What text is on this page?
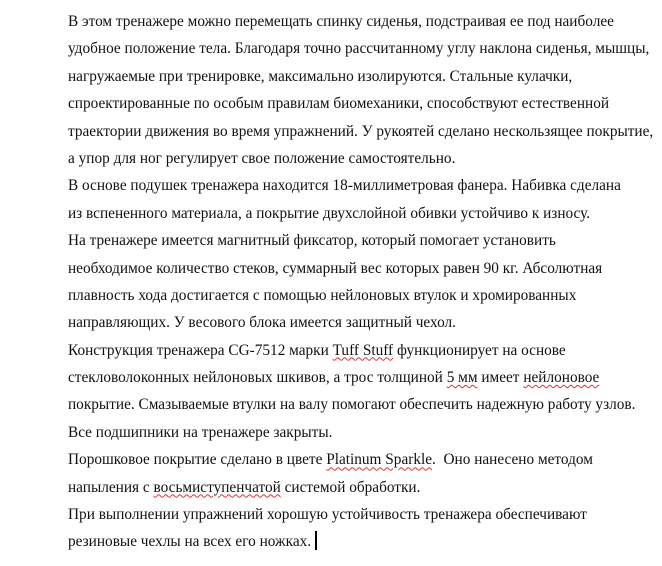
В этом тренажере можно перемещать спинку сиденья, подстраивая ее под наиболее
удобное положение тела. Благодаря точно рассчитанному углу наклона сиденья, мышцы,
нагружаемые при тренировке, максимально изолируются. Стальные кулачки,
спроектированные по особым правилам биомеханики, способствуют естественной
траектории движения во время упражнений. У рукоятей сделано нескользящее покрытие,
а упор для ног регулирует свое положение самостоятельно.

В основе подушек тренажера находится 18-миллиметровая фанера. Набивка сделана
из вспененного материала, а покрытие двухслойной обивки устойчиво к износу.

На тренажере имеется магнитный фиксатор, который помогает установить
необходимое количество стеков, суммарный вес которых равен 90 кг. Абсолютная
плавность хода достигается с помощью нейлоновых втулок и хромированных
направляющих. У весового блока имеется защитный чехол.

Конструкция тренажера CG-7512 марки Tuff Stuff функционирует на основе
стекловолоконных нейлоновых шкивов, а трос толщиной 5 мм имеет нейлоновое
покрытие. Смазываемые втулки на валу помогают обеспечить надежную работу узлов.
Все подшипники на тренажере закрыты.

Порошковое покрытие сделано в цвете Platinum Sparkle.  Оно нанесено методом
напыления с восьмиступенчатой системой обработки.

При выполнении упражнений хорошую устойчивость тренажера обеспечивают
резиновые чехлы на всех его ножках.
